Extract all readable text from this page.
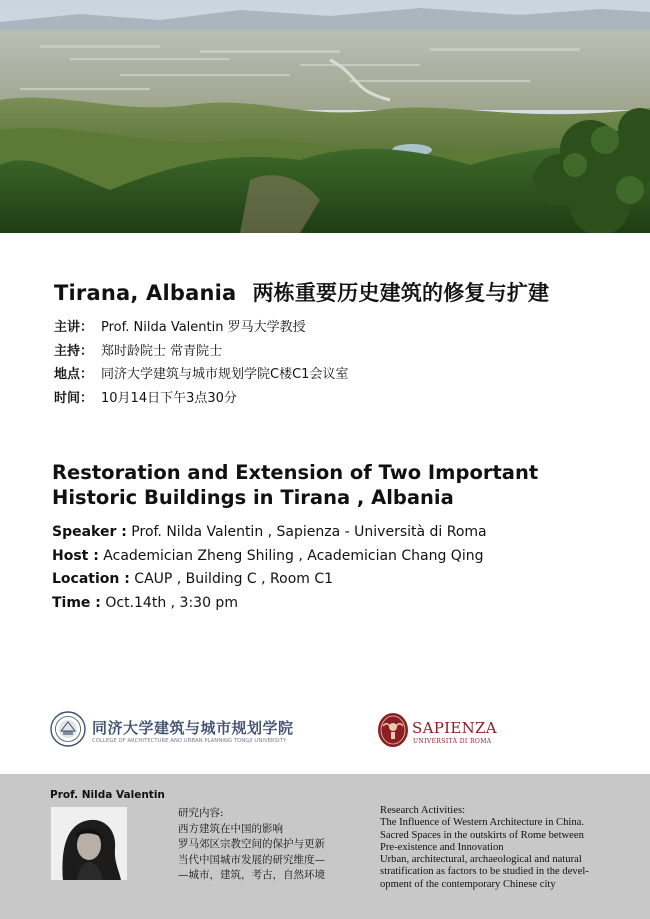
Tirana, Albania 两栋重要历史建筑的修复与扩建
主讲： Prof. Nilda Valentin 罗马大学教授
主持： 郑时龄院士 常青院士
地点： 同济大学建筑与城市规划学院C楼C1会议室
时间： 10月14日下午3点30分
Restoration and Extension of Two Important
Historic Buildings in Tirana , Albania
Speaker : Prof. Nilda Valentin , Sapienza - Università di Roma
Host : Academician Zheng Shiling , Academician Chang Qing
Location : CAUP , Building C , Room C1
Time : Oct.14th , 3:30 pm
同济大学建筑与城市规划学院
COLLEGE OF ARCHITECTURE AND URBAN PLANNING TONGJI UNIVERSITY
SAPIENZA
UNIVERSITÀ DI ROMA
Prof. Nilda Valentin
研究内容:
西方建筑在中国的影响
罗马郊区宗教空间的保护与更新
当代中国城市发展的研究维度—
—城市，建筑，考古，自然环境
Research Activities:
The Influence of Western Architecture in China.
Sacred Spaces in the outskirts of Rome between
Pre-existence and Innovation
Urban, architectural, archaeological and natural
stratification as factors to be studied in the devel-
opment of the contemporary Chinese city
